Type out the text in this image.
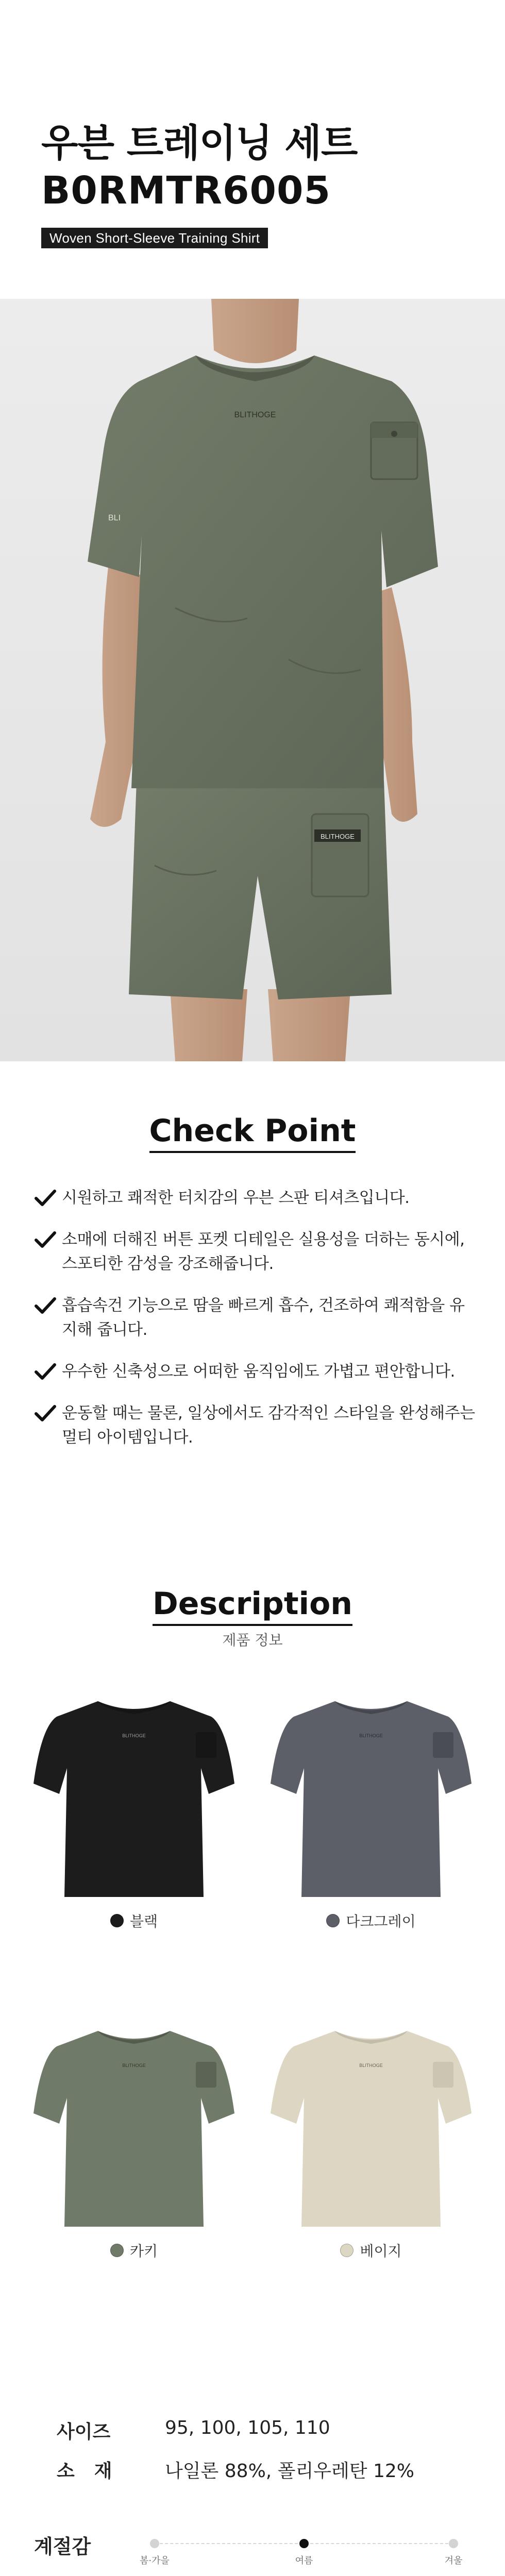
우븐 트레이닝 세트
B0RMTR6005
Woven Short-Sleeve Training Shirt
BLITHOGE
BLITHOGE
BLI
Check Point

시원하고 쾌적한 터치감의 우븐 스판 티셔츠입니다.

소매에 더해진 버튼 포켓 디테일은 실용성을 더하는 동시에, 스포티한 감성을 강조해줍니다.

흡습속건 기능으로 땀을 빠르게 흡수, 건조하여 쾌적함을 유지해 줍니다.

우수한 신축성으로 어떠한 움직임에도 가볍고 편안합니다.

운동할 때는 물론, 일상에서도 감각적인 스타일을 완성해주는 멀티 아이템입니다.

Description

제품 정보

BLITHOGE
블랙
BLITHOGE
다크그레이
BLITHOGE
카키
BLITHOGE
베이지
사이즈	95, 100, 105, 110
소재	나일론 88%, 폴리우레탄 12%
계절감
봄·가을	여름	겨울
